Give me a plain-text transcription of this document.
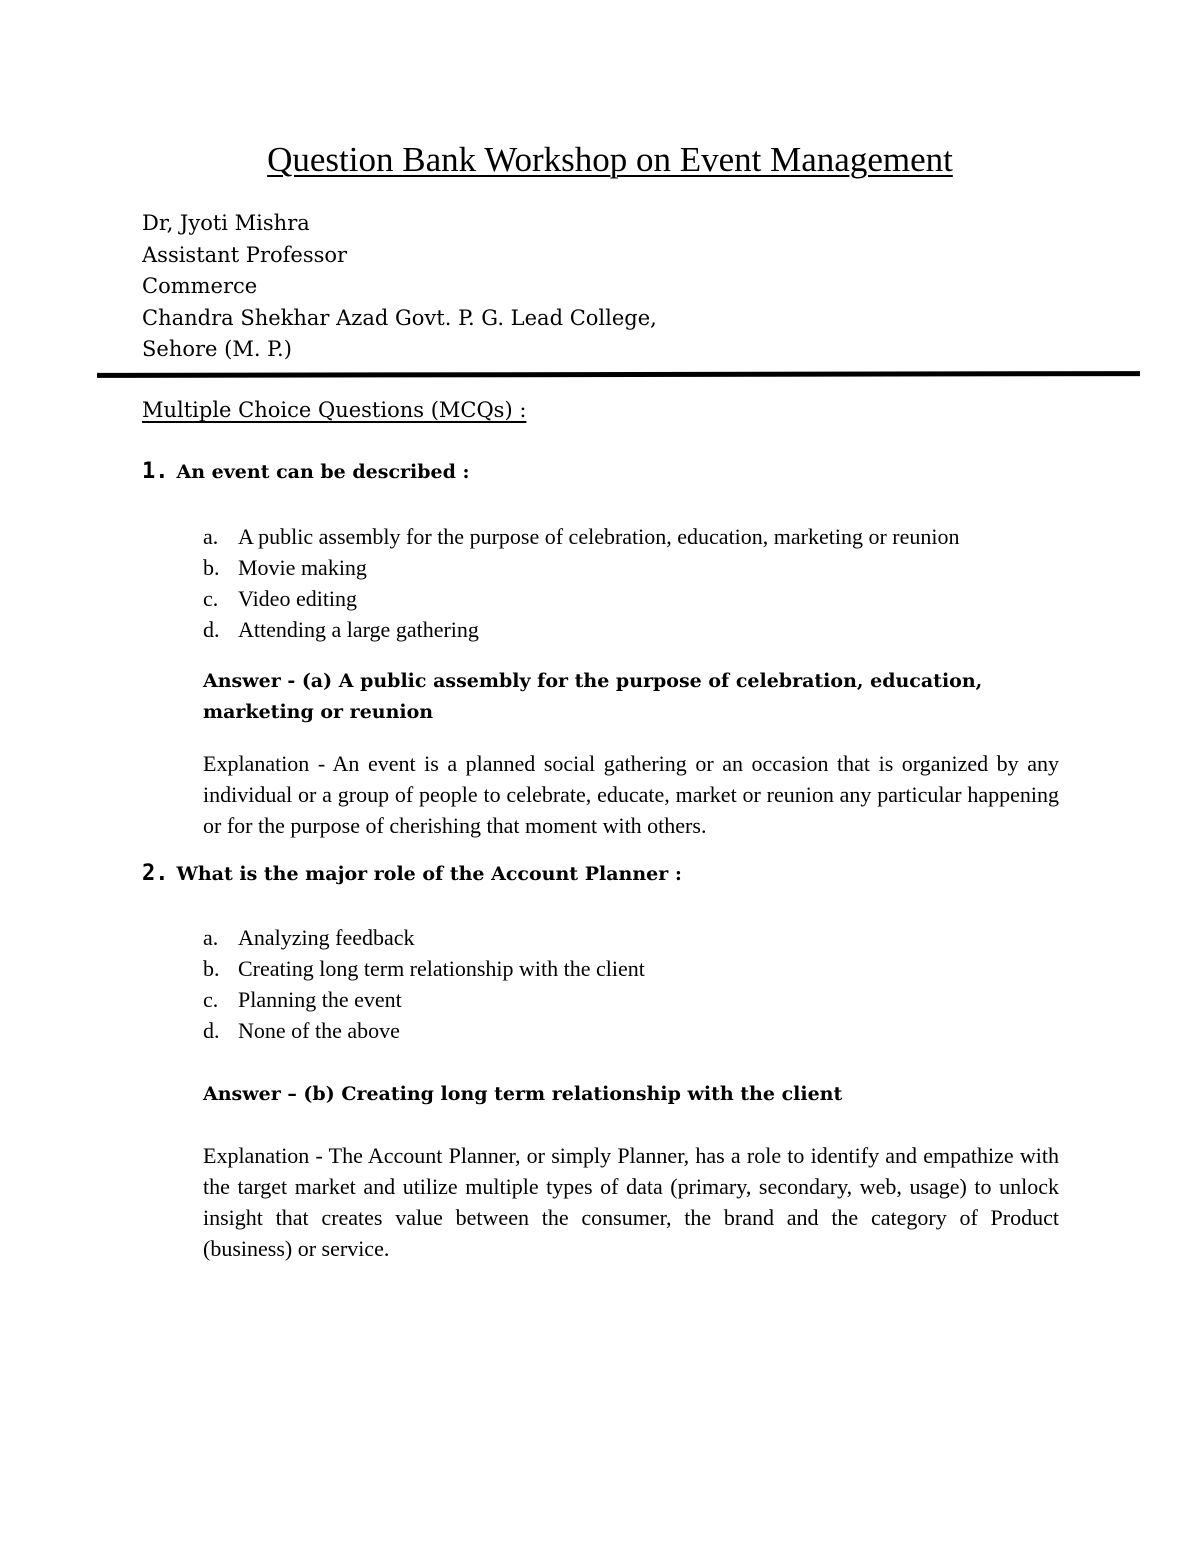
Question Bank Workshop on Event Management
Dr, Jyoti Mishra
Assistant Professor
Commerce
Chandra Shekhar Azad Govt. P. G. Lead College,
Sehore (M. P.)
Multiple Choice Questions (MCQs) :
1. An event can be described :
a. A public assembly for the purpose of celebration, education, marketing or reunion
b. Movie making
c. Video editing
d. Attending a large gathering
Answer - (a) A public assembly for the purpose of celebration, education, marketing or reunion
Explanation - An event is a planned social gathering or an occasion that is organized by any individual or a group of people to celebrate, educate, market or reunion any particular happening or for the purpose of cherishing that moment with others.
2. What is the major role of the Account Planner :
a. Analyzing feedback
b. Creating long term relationship with the client
c. Planning the event
d. None of the above
Answer – (b) Creating long term relationship with the client
Explanation - The Account Planner, or simply Planner, has a role to identify and empathize with the target market and utilize multiple types of data (primary, secondary, web, usage) to unlock insight that creates value between the consumer, the brand and the category of Product (business) or service.
